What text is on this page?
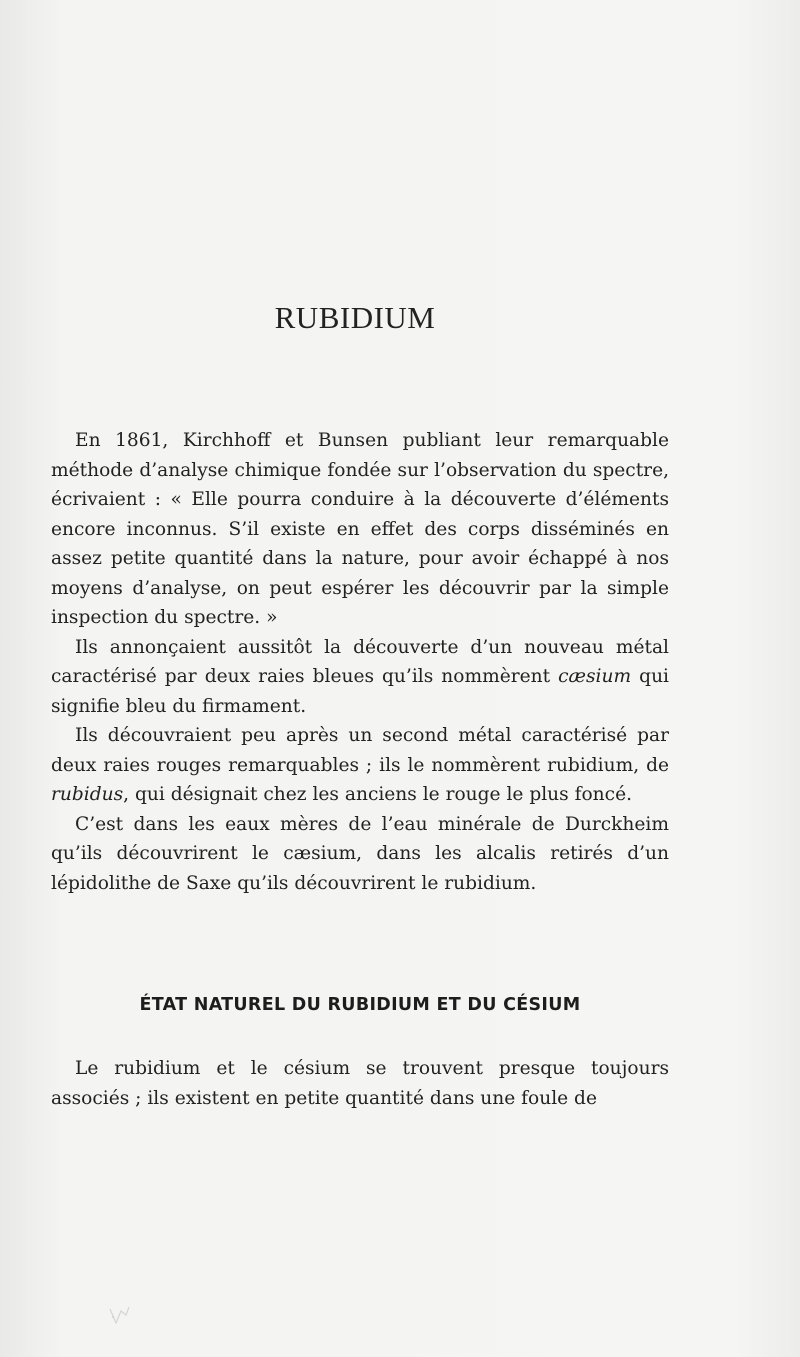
RUBIDIUM

En 1861, Kirchhoff et Bunsen publiant leur remarquable méthode d’analyse chimique fondée sur l’observation du spectre, écrivaient : « Elle pourra conduire à la découverte d’éléments encore inconnus. S’il existe en effet des corps disséminés en assez petite quantité dans la nature, pour avoir échappé à nos moyens d’analyse, on peut espérer les découvrir par la simple inspection du spectre. »

Ils annonçaient aussitôt la découverte d’un nouveau métal caractérisé par deux raies bleues qu’ils nommèrent cæsium qui signifie bleu du firmament.

Ils découvraient peu après un second métal caractérisé par deux raies rouges remarquables ; ils le nommèrent rubidium, de rubidus, qui désignait chez les anciens le rouge le plus foncé.

C’est dans les eaux mères de l’eau minérale de Durckheim qu’ils découvrirent le cæsium, dans les alcalis retirés d’un lépidolithe de Saxe qu’ils découvrirent le rubidium.

ÉTAT NATUREL DU RUBIDIUM ET DU CÉSIUM

Le rubidium et le césium se trouvent presque toujours associés ; ils existent en petite quantité dans une foule de
